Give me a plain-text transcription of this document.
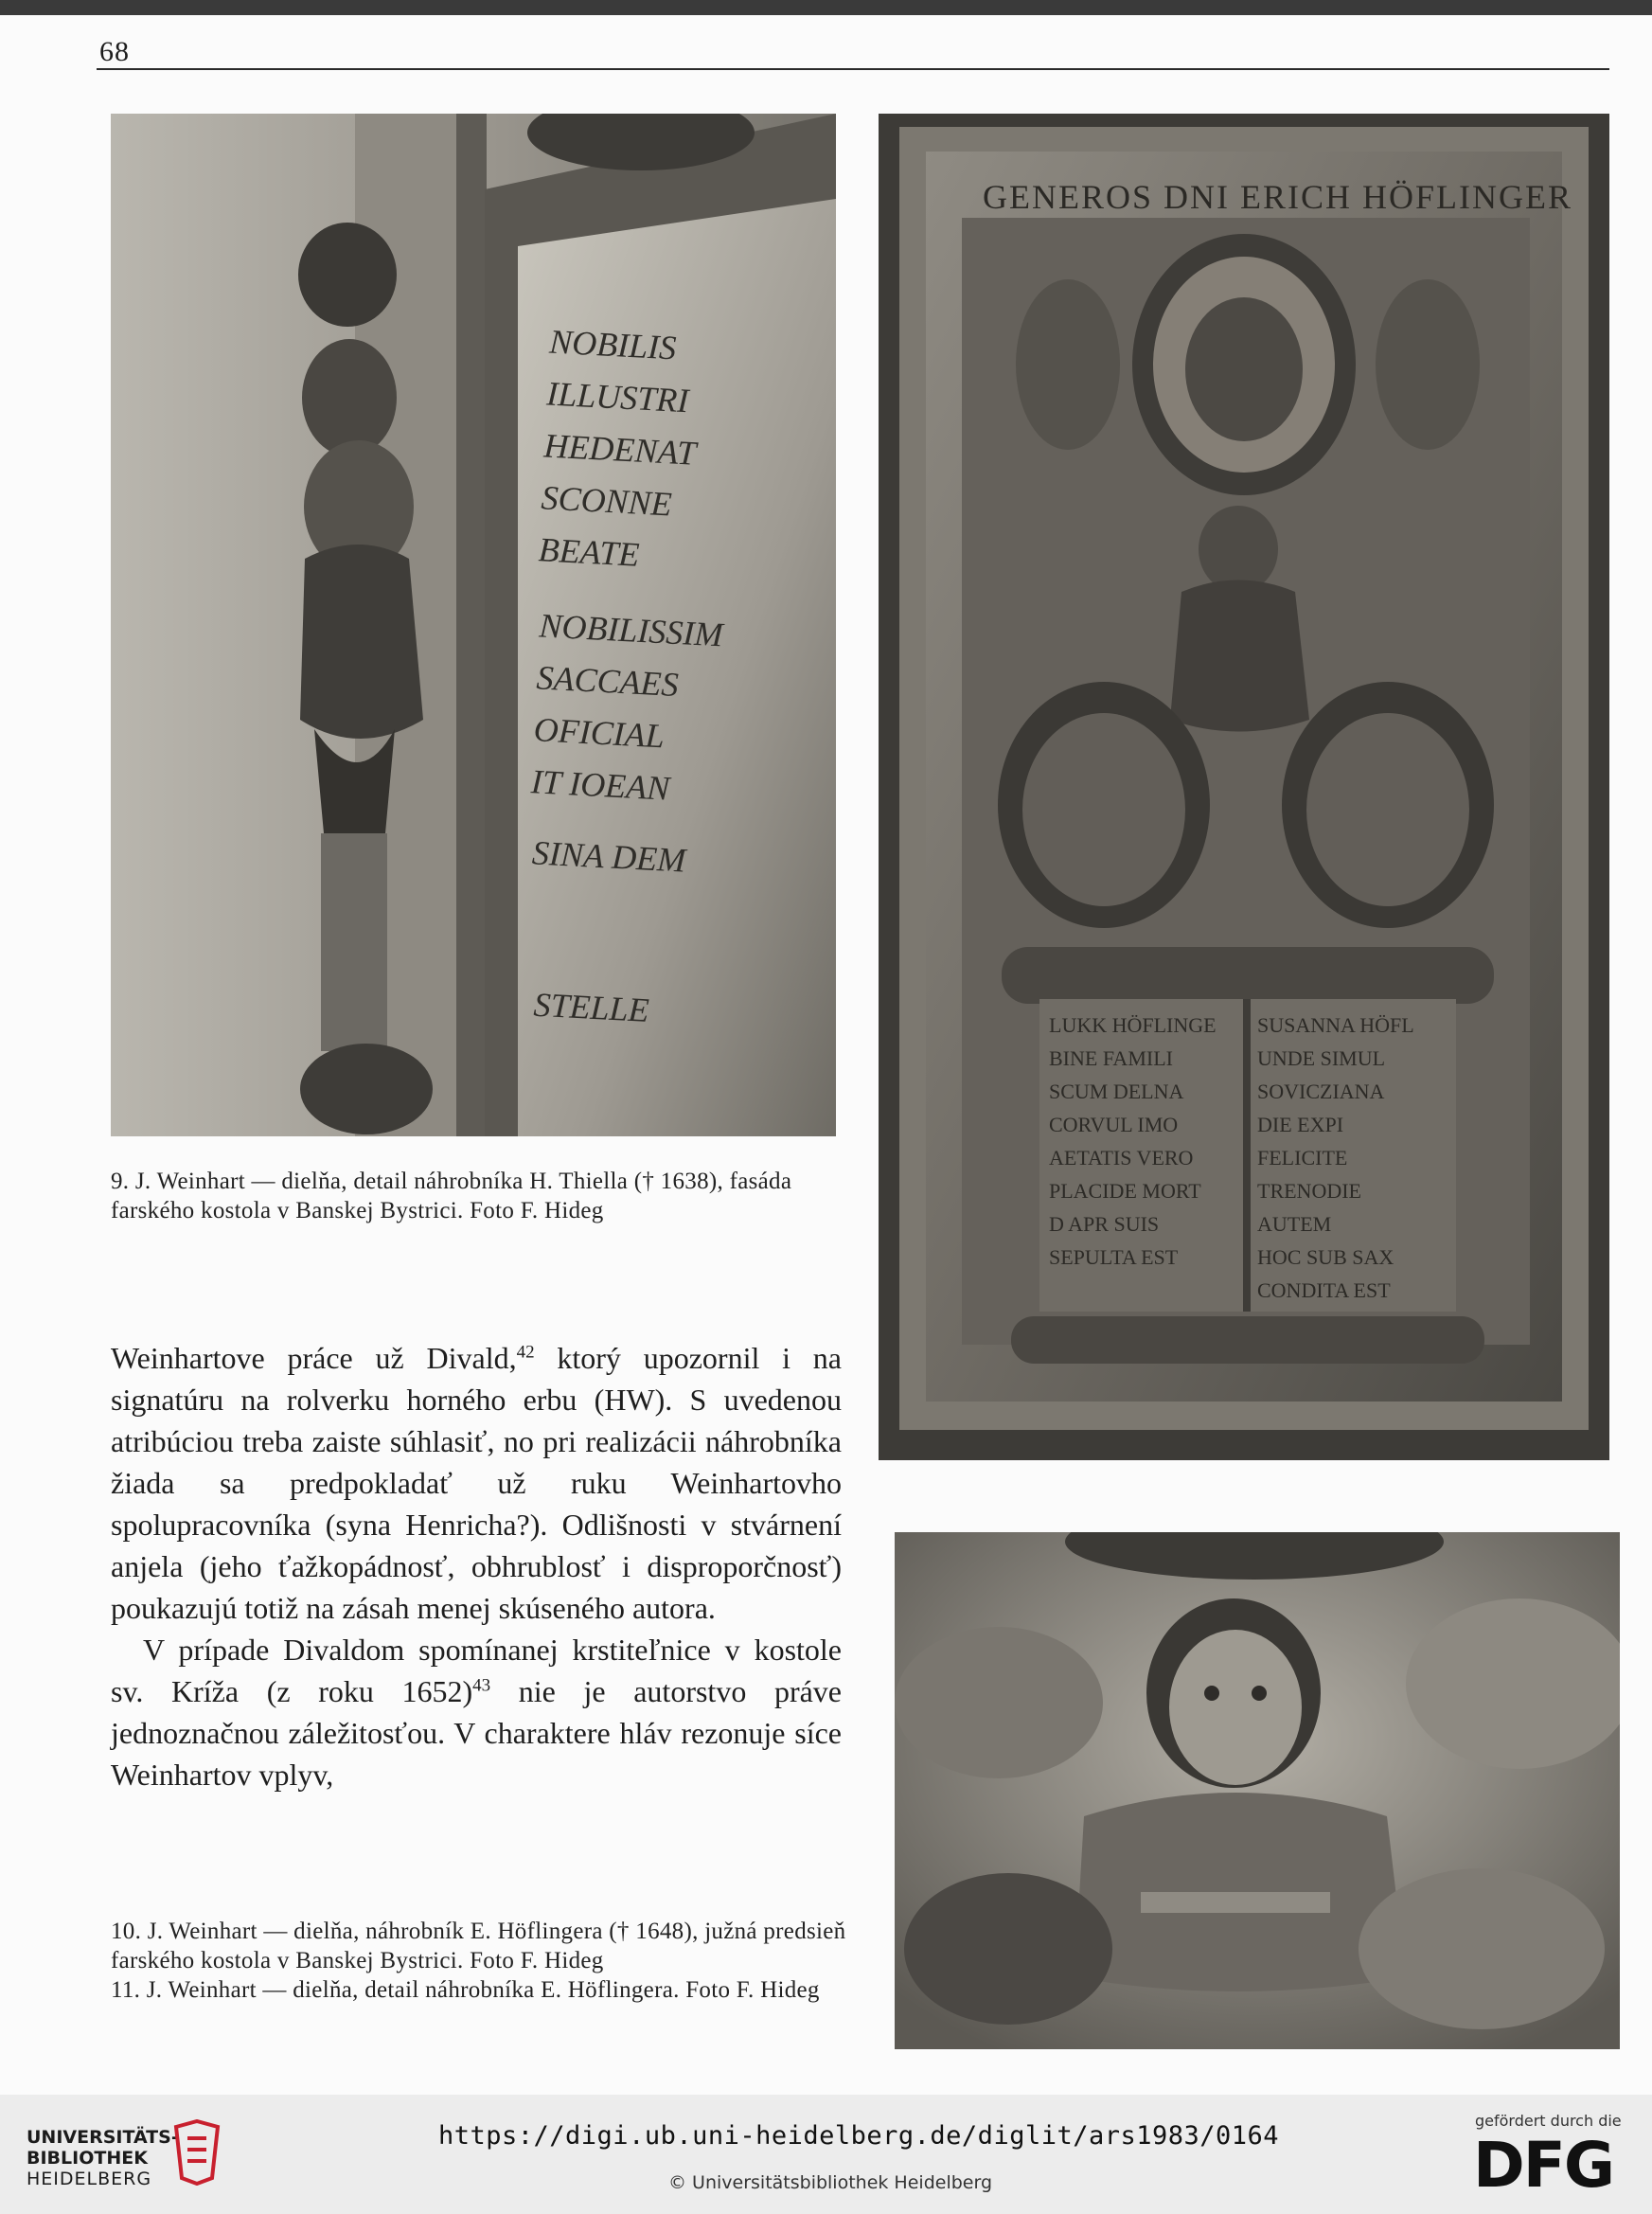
68
NOBILIS
ILLUSTRI
HEDENAT
SCONNE
BEATE
NOBILISSIM
SACCAES
OFICIAL
IT IOEAN
SINA DEM
STELLE
9. J. Weinhart — dielňa, detail náhrobníka H. Thiella († 1638), fasáda farského kostola v Banskej Bystrici. Foto F. Hideg
GENEROS DNI ERICH HÖFLINGER
LUKK HÖFLINGE
BINE FAMILI
SCUM DELNA
CORVUL IMO
AETATIS VERO
PLACIDE MORT
D APR SUIS
SEPULTA EST
SUSANNA HÖFL
UNDE SIMUL
SOVICZIANA
DIE EXPI
FELICITE
TRENODIE
AUTEM
HOC SUB SAX
CONDITA EST

Weinhartove práce už Divald,$^{42}$ ktorý upozornil i na signatúru na rolverku horného erbu (HW). S uvedenou atribúciou treba zaiste súhlasiť, no pri realizácii náhrobníka žiada sa predpokladať už ruku Weinhartovho spolupracovníka (syna Henricha?). Odlišnosti v stvárnení anjela (jeho ťažkopádnosť, obhrublosť i disproporčnosť) poukazujú totiž na zásah menej skúseného autora.

V prípade Divaldom spomínanej krstiteľnice v kostole sv. Kríža (z roku 1652)$^{43}$ nie je autorstvo práve jednoznačnou záležitosťou. V charaktere hláv rezonuje síce Weinhartov vplyv,

10. J. Weinhart — dielňa, náhrobník E. Höflingera († 1648), južná predsieň farského kostola v Banskej Bystrici. Foto F. Hideg
11. J. Weinhart — dielňa, detail náhrobníka E. Höflingera. Foto F. Hideg
UNIVERSITÄTS-
BIBLIOTHEK
HEIDELBERG
https://digi.ub.uni-heidelberg.de/diglit/ars1983/0164
© Universitätsbibliothek Heidelberg
gefördert durch die
DFG
